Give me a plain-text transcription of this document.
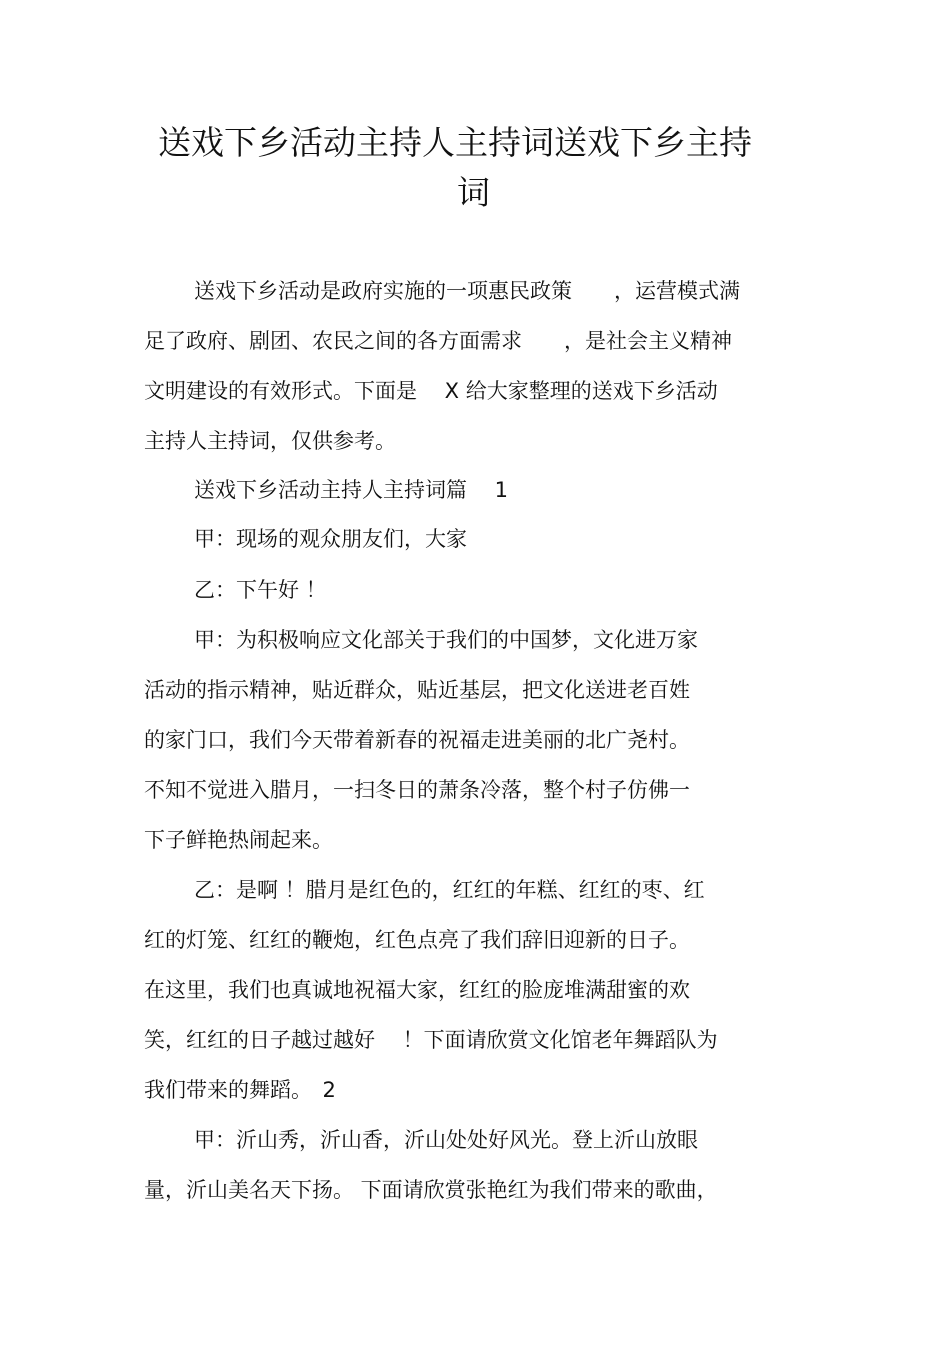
送戏下乡活动主持人主持词送戏下乡主持
词
送戏下乡活动是政府实施的一项惠民政策　　，运营模式满
足了政府、剧团、农民之间的各方面需求　　，是社会主义精神
文明建设的有效形式。下面是　 X 给大家整理的送戏下乡活动
主持人主持词，仅供参考。
送戏下乡活动主持人主持词篇　 1
甲：现场的观众朋友们，大家
乙：下午好 ！
甲：为积极响应文化部关于我们的中国梦，文化进万家
活动的指示精神，贴近群众，贴近基层，把文化送进老百姓
的家门口，我们今天带着新春的祝福走进美丽的北广尧村。
不知不觉进入腊月，一扫冬日的萧条冷落，整个村子仿佛一
下子鲜艳热闹起来。
乙：是啊 ！腊月是红色的，红红的年糕、红红的枣、红
红的灯笼、红红的鞭炮，红色点亮了我们辞旧迎新的日子。
在这里，我们也真诚地祝福大家，红红的脸庞堆满甜蜜的欢
笑，红红的日子越过越好　 ！下面请欣赏文化馆老年舞蹈队为
我们带来的舞蹈。　2
甲：沂山秀，沂山香，沂山处处好风光。登上沂山放眼
量，沂山美名天下扬。 下面请欣赏张艳红为我们带来的歌曲，
